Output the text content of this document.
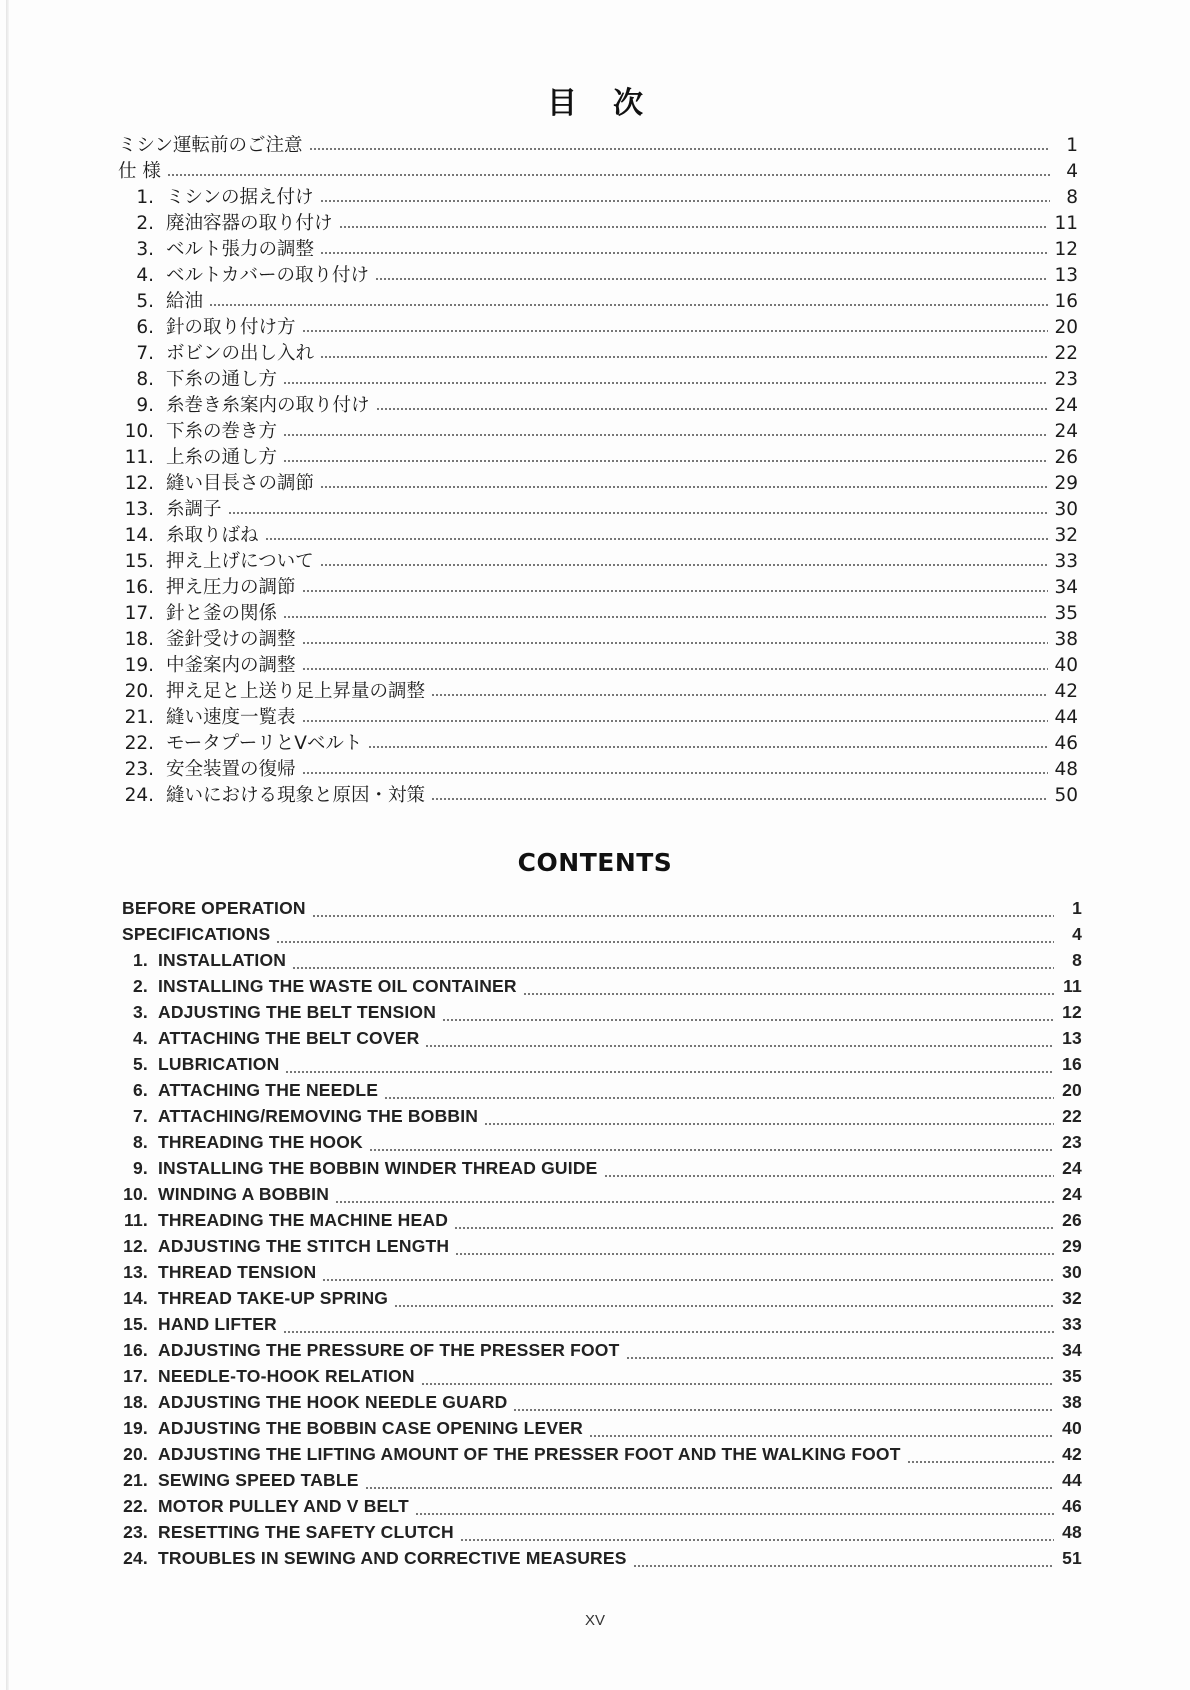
目次
ミシン運転前のご注意	1
仕 様	4
1. ミシンの据え付け	8
2. 廃油容器の取り付け	11
3. ベルト張力の調整	12
4. ベルトカバーの取り付け	13
5. 給油	16
6. 針の取り付け方	20
7. ボビンの出し入れ	22
8. 下糸の通し方	23
9. 糸巻き糸案内の取り付け	24
10. 下糸の巻き方	24
11. 上糸の通し方	26
12. 縫い目長さの調節	29
13. 糸調子	30
14. 糸取りばね	32
15. 押え上げについて	33
16. 押え圧力の調節	34
17. 針と釜の関係	35
18. 釜針受けの調整	38
19. 中釜案内の調整	40
20. 押え足と上送り足上昇量の調整	42
21. 縫い速度一覧表	44
22. モータプーリとVベルト	46
23. 安全装置の復帰	48
24. 縫いにおける現象と原因・対策	50
CONTENTS
BEFORE OPERATION	1
SPECIFICATIONS	4
1. INSTALLATION	8
2. INSTALLING THE WASTE OIL CONTAINER	11
3. ADJUSTING THE BELT TENSION	12
4. ATTACHING THE BELT COVER	13
5. LUBRICATION	16
6. ATTACHING THE NEEDLE	20
7. ATTACHING/REMOVING THE BOBBIN	22
8. THREADING THE HOOK	23
9. INSTALLING THE BOBBIN WINDER THREAD GUIDE	24
10. WINDING A BOBBIN	24
11. THREADING THE MACHINE HEAD	26
12. ADJUSTING THE STITCH LENGTH	29
13. THREAD TENSION	30
14. THREAD TAKE-UP SPRING	32
15. HAND LIFTER	33
16. ADJUSTING THE PRESSURE OF THE PRESSER FOOT	34
17. NEEDLE-TO-HOOK RELATION	35
18. ADJUSTING THE HOOK NEEDLE GUARD	38
19. ADJUSTING THE BOBBIN CASE OPENING LEVER	40
20. ADJUSTING THE LIFTING AMOUNT OF THE PRESSER FOOT AND THE WALKING FOOT	42
21. SEWING SPEED TABLE	44
22. MOTOR PULLEY AND V BELT	46
23. RESETTING THE SAFETY CLUTCH	48
24. TROUBLES IN SEWING AND CORRECTIVE MEASURES	51
XV
